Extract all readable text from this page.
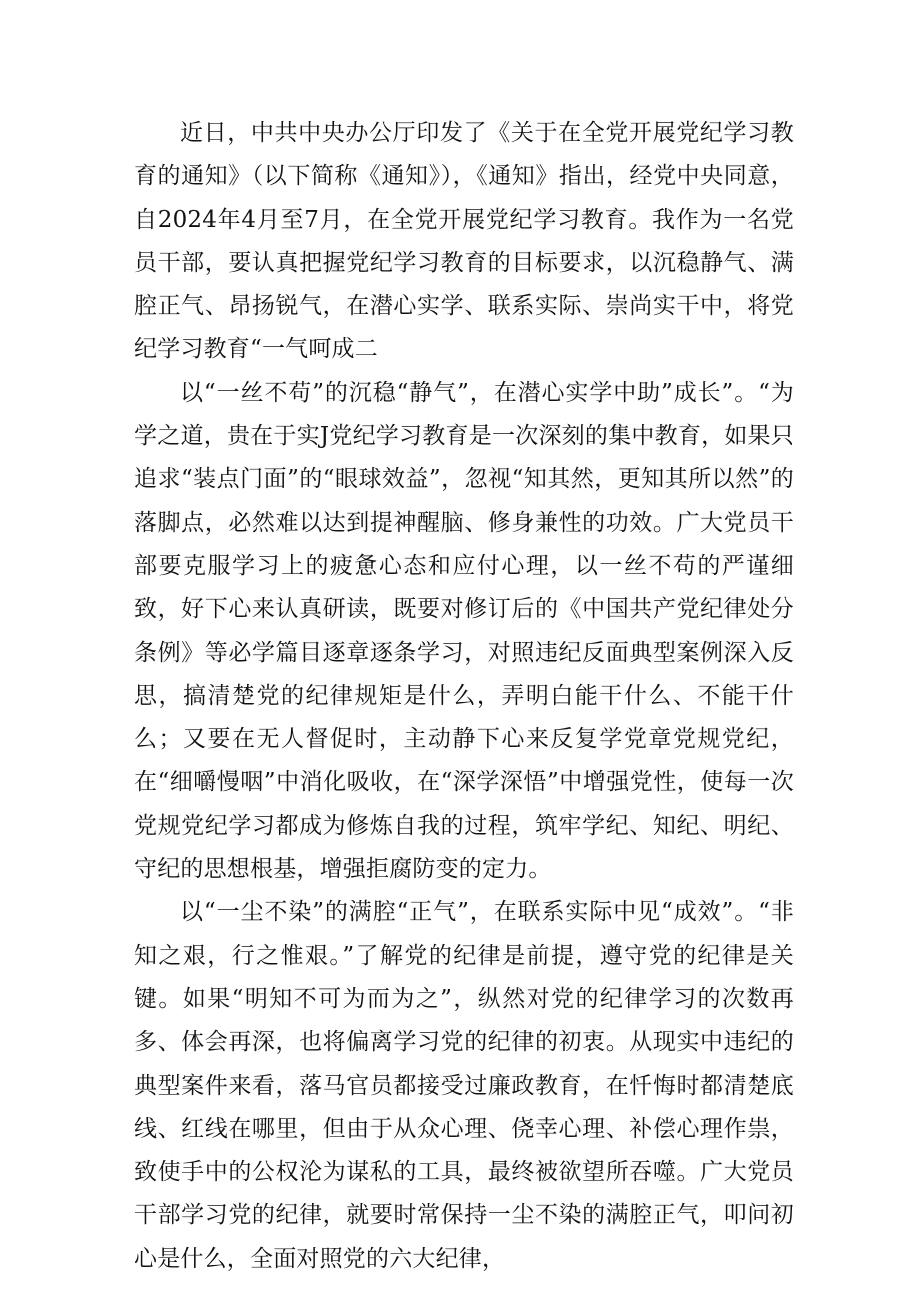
近日，中共中央办公厅印发了《关于在全党开展党纪学习教育的通知》（以下简称《通知》），《通知》指出，经党中央同意，自2024年4月至7月，在全党开展党纪学习教育。我作为一名党员干部，要认真把握党纪学习教育的目标要求，以沉稳静气、满腔正气、昂扬锐气，在潜心实学、联系实际、崇尚实干中，将党纪学习教育“一气呵成二

以“一丝不苟”的沉稳“静气”，在潜心实学中助”成长”。“为学之道，贵在于实J党纪学习教育是一次深刻的集中教育，如果只追求“装点门面”的“眼球效益”，忽视“知其然，更知其所以然”的落脚点，必然难以达到提神醒脑、修身兼性的功效。广大党员干部要克服学习上的疲惫心态和应付心理，以一丝不苟的严谨细致，好下心来认真研读，既要对修订后的《中国共产党纪律处分条例》等必学篇目逐章逐条学习，对照违纪反面典型案例深入反思，搞清楚党的纪律规矩是什么，弄明白能干什么、不能干什么；又要在无人督促时，主动静下心来反复学党章党规党纪，在“细嚼慢咽”中消化吸收，在“深学深悟”中增强党性，使每一次党规党纪学习都成为修炼自我的过程，筑牢学纪、知纪、明纪、守纪的思想根基，增强拒腐防变的定力。

以“一尘不染”的满腔“正气”，在联系实际中见“成效”。“非知之艰，行之惟艰。”了解党的纪律是前提，遵守党的纪律是关键。如果“明知不可为而为之”，纵然对党的纪律学习的次数再多、体会再深，也将偏离学习党的纪律的初衷。从现实中违纪的典型案件来看，落马官员都接受过廉政教育，在忏悔时都清楚底线、红线在哪里，但由于从众心理、侥幸心理、补偿心理作祟，致使手中的公权沦为谋私的工具，最终被欲望所吞噬。广大党员干部学习党的纪律，就要时常保持一尘不染的满腔正气，叩问初心是什么，全面对照党的六大纪律，
